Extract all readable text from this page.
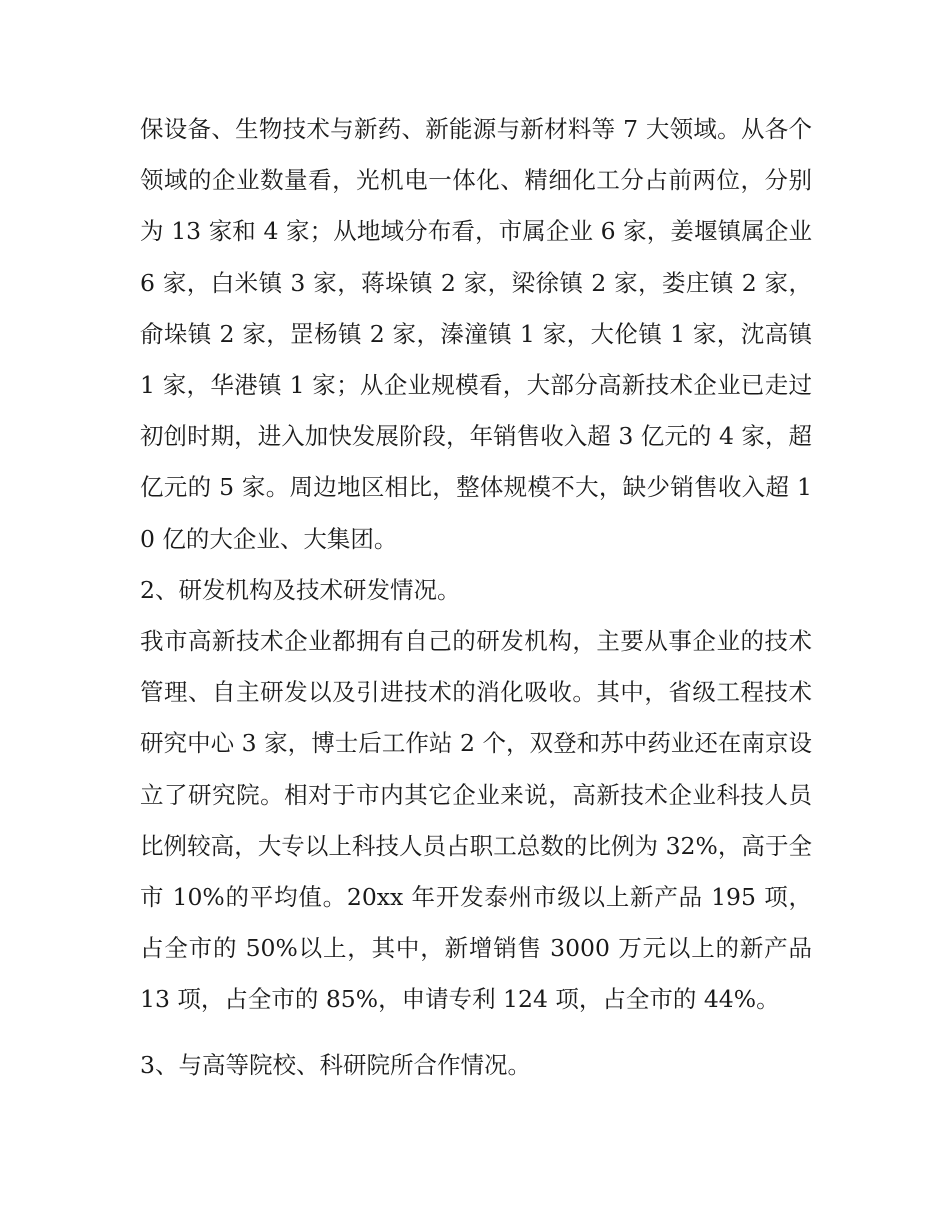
保设备、生物技术与新药、新能源与新材料等 7 大领域。从各个领域的企业数量看，光机电一体化、精细化工分占前两位，分别为 13 家和 4 家；从地域分布看，市属企业 6 家，姜堰镇属企业 6 家，白米镇 3 家，蒋垛镇 2 家，梁徐镇 2 家，娄庄镇 2 家，俞垛镇 2 家，罡杨镇 2 家，溱潼镇 1 家，大伦镇 1 家，沈高镇 1 家，华港镇 1 家；从企业规模看，大部分高新技术企业已走过初创时期，进入加快发展阶段，年销售收入超 3 亿元的 4 家，超亿元的 5 家。周边地区相比，整体规模不大，缺少销售收入超 10 亿的大企业、大集团。

2、研发机构及技术研发情况。

我市高新技术企业都拥有自己的研发机构，主要从事企业的技术管理、自主研发以及引进技术的消化吸收。其中，省级工程技术研究中心 3 家，博士后工作站 2 个，双登和苏中药业还在南京设立了研究院。相对于市内其它企业来说，高新技术企业科技人员比例较高，大专以上科技人员占职工总数的比例为 32%，高于全市 10%的平均值。20xx 年开发泰州市级以上新产品 195 项，占全市的 50%以上，其中，新增销售 3000 万元以上的新产品 13 项，占全市的 85%，申请专利 124 项，占全市的 44%。

3、与高等院校、科研院所合作情况。
